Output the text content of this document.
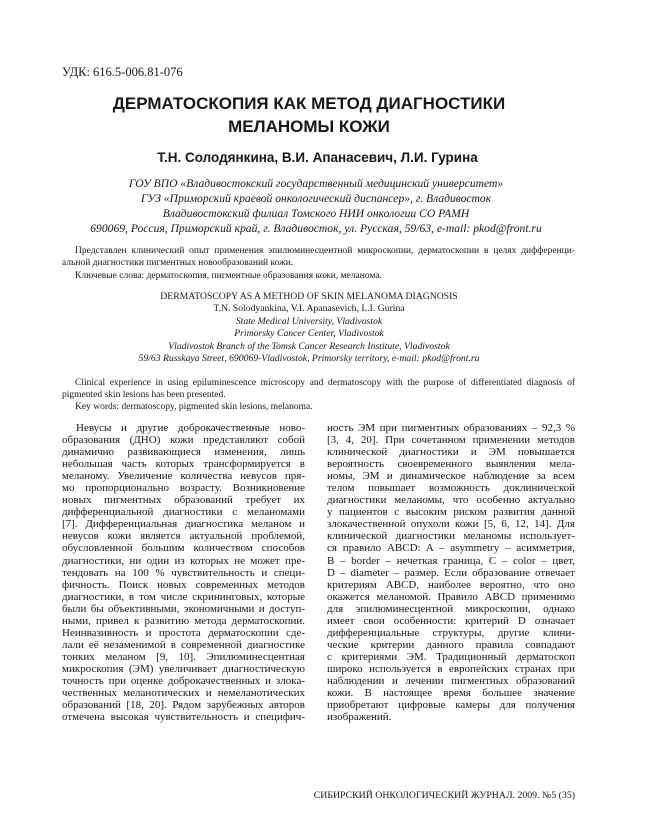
УДК: 616.5-006.81-076
ДЕРМАТОСКОПИЯ КАК МЕТОД ДИАГНОСТИКИ
МЕЛАНОМЫ КОЖИ
Т.Н. Солодянкина, В.И. Апанасевич, Л.И. Гурина
ГОУ ВПО «Владивостокский государственный медицинский университет»
ГУЗ «Приморский краевой онкологический диспансер», г. Владивосток
Владивостокский филиал Томского НИИ онкологии СО РАМН
690069, Россия, Приморский край, г. Владивосток, ул. Русская, 59/63, e-mail: pkod@front.ru
Представлен клинический опыт применения эпилюминесцентной микроскопии, дерматоскопии в целях дифференци-
альной диагностики пигментных новообразований кожи.
Ключевые слова: дерматоскопия, пигментные образования кожи, меланома.
DERMATOSCOPY AS A METHOD OF SKIN MELANOMA DIAGNOSIS
T.N. Solodyankina, V.I. Apanasevich, L.I. Gurina
State Medical University, Vladivostok
Primorsky Cancer Center, Vladivostok
Vladivostok Branch of the Tomsk Cancer Research Institute, Vladivostok
59/63 Russkaya Street, 690069-Vladivostok, Primorsky territory, e-mail: pkod@front.ru
Clinical experience in using epiluminescence microscopy and dermatoscopy with the purpose of differentiated diagnosis of
pigmented skin lesions has been presented.
Key words: dermatoscopy, pigmented skin lesions, melanoma.
Невусы и другие доброкачественные ново-
образования (ДНО) кожи представляют собой
динамично развивающиеся изменения, лишь
небольшая часть которых трансформируется в
меланому. Увеличение количества невусов пря-
мо пропорционально возрасту. Возникновение
новых пигментных образований требует их
дифференциальной диагностики с меланомами
[7]. Дифференциальная диагностика меланом и
невусов кожи является актуальной проблемой,
обусловленной большим количеством способов
диагностики, ни один из которых не может пре-
тендовать на 100 % чувствительность и специ-
фичность. Поиск новых современных методов
диагностики, в том числе скрининговых, которые
были бы объективными, экономичными и доступ-
ными, привел к развитию метода дерматоскопии.
Неинвазивность и простота дерматоскопии сде-
лали её незаменимой в современной диагностике
тонких меланом [9, 10]. Эпилюминесцентная
микроскопия (ЭМ) увеличивает диагностическую
точность при оценке доброкачественных и злока-
чественных меланотических и немеланотических
образований [18, 20]. Рядом зарубежных авторов
отмечена высокая чувствительность и специфич-
ность ЭМ при пигментных образованиях – 92,3 %
[3, 4, 20]. При сочетанном применении методов
клинической диагностики и ЭМ повышается
вероятность своевременного выявления мела-
номы, ЭМ и динамическое наблюдение за всем
телом повышает возможность доклинической
диагностики меланомы, что особенно актуально
у пациентов с высоким риском развития данной
злокачественной опухоли кожи [5, 6, 12, 14]. Для
клинической диагностики меланомы использует-
ся правило ABCD: A – asymmetry – асимметрия,
B – border – нечеткая граница, C – color – цвет,
D – diameter – размер. Если образование отвечает
критериям ABCD, наиболее вероятно, что оно
окажется меланомой. Правило ABCD применимо
для эпилюминесцентной микроскопии, однако
имеет свои особенности: критерий D означает
дифференциальные структуры, другие клини-
ческие критерии данного правила совпадают
с критериями ЭМ. Традиционный дерматоскоп
широко используется в европейских странах при
наблюдении и лечении пигментных образований
кожи. В настоящее время большее значение
приобретают цифровые камеры для получения
изображений.
СИБИРСКИЙ ОНКОЛОГИЧЕСКИЙ ЖУРНАЛ. 2009. №5 (35)
